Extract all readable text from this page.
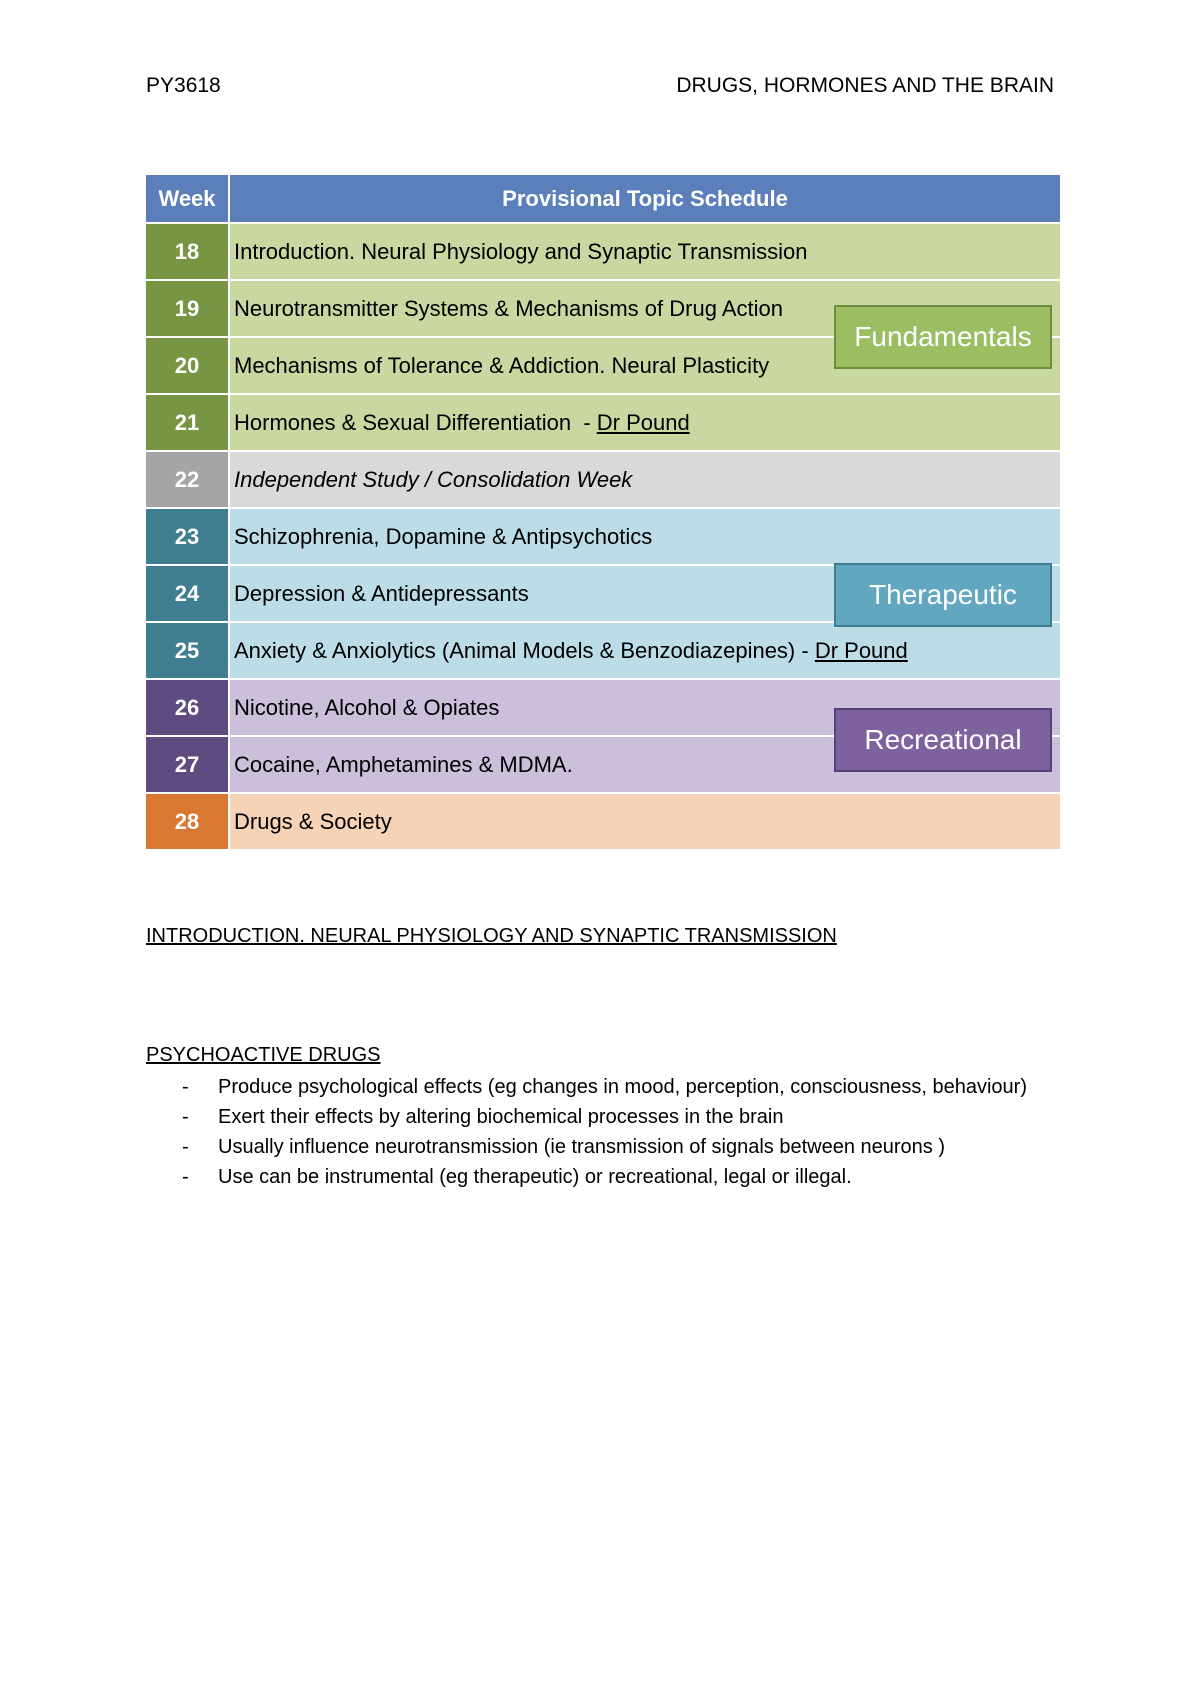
PY3618	DRUGS, HORMONES AND THE BRAIN
Week	Provisional Topic Schedule
18	Introduction. Neural Physiology and Synaptic Transmission
19	Neurotransmitter Systems & Mechanisms of Drug Action
20	Mechanisms of Tolerance & Addiction. Neural Plasticity
21	Hormones & Sexual Differentiation  - Dr Pound
22	Independent Study / Consolidation Week
23	Schizophrenia, Dopamine & Antipsychotics
24	Depression & Antidepressants
25	Anxiety & Anxiolytics (Animal Models & Benzodiazepines) - Dr Pound
26	Nicotine, Alcohol & Opiates
27	Cocaine, Amphetamines & MDMA.
28	Drugs & Society
Fundamentals
Therapeutic
Recreational
INTRODUCTION. NEURAL PHYSIOLOGY AND SYNAPTIC TRANSMISSION
PSYCHOACTIVE DRUGS
- Produce psychological effects (eg changes in mood, perception, consciousness, behaviour)
- Exert their effects by altering biochemical processes in the brain
- Usually influence neurotransmission (ie transmission of signals between neurons )
- Use can be instrumental (eg therapeutic) or recreational, legal or illegal.
